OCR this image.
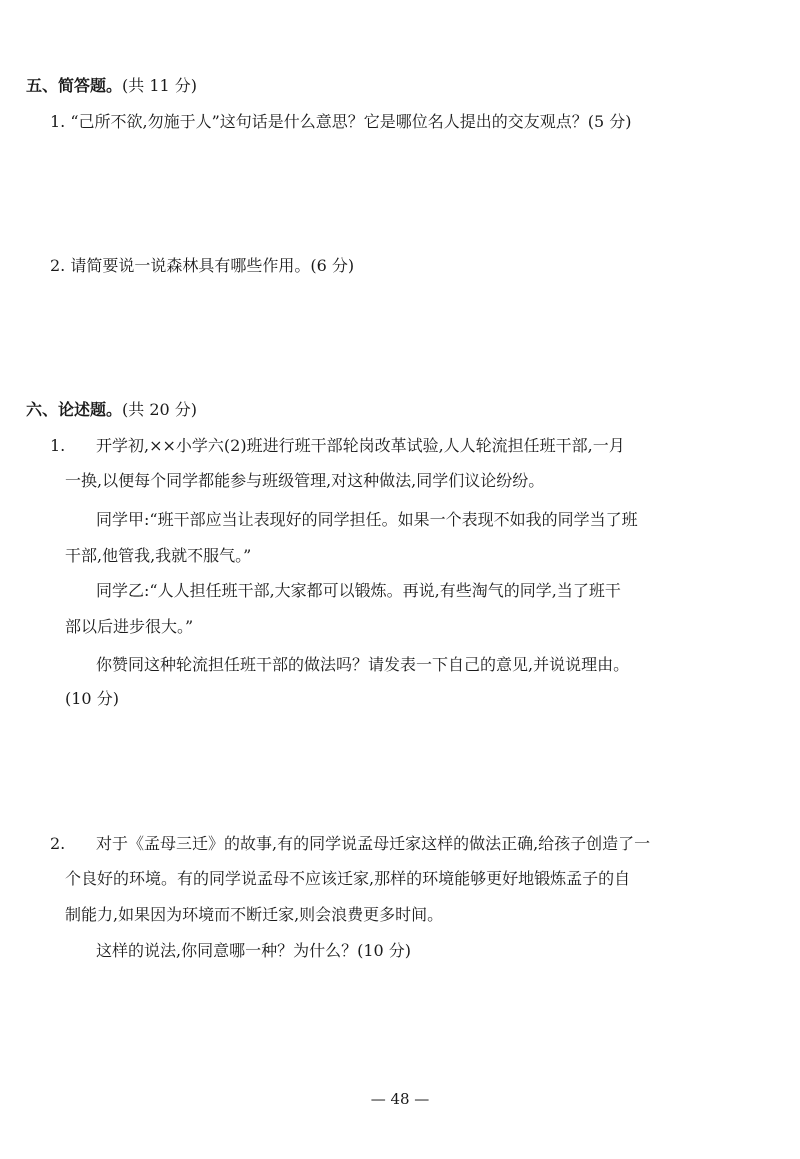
五、简答题。(共 11 分)
1. “己所不欲,勿施于人”这句话是什么意思？它是哪位名人提出的交友观点？(5 分)
2. 请简要说一说森林具有哪些作用。(6 分)
六、论述题。(共 20 分)
1. 开学初,××小学六(2)班进行班干部轮岗改革试验,人人轮流担任班干部,一月
一换,以便每个同学都能参与班级管理,对这种做法,同学们议论纷纷。
同学甲:“班干部应当让表现好的同学担任。如果一个表现不如我的同学当了班
干部,他管我,我就不服气。”
同学乙:“人人担任班干部,大家都可以锻炼。再说,有些淘气的同学,当了班干
部以后进步很大。”
你赞同这种轮流担任班干部的做法吗？请发表一下自己的意见,并说说理由。
(10 分)
2. 对于《孟母三迁》的故事,有的同学说孟母迁家这样的做法正确,给孩子创造了一
个良好的环境。有的同学说孟母不应该迁家,那样的环境能够更好地锻炼孟子的自
制能力,如果因为环境而不断迁家,则会浪费更多时间。
这样的说法,你同意哪一种？为什么？(10 分)
— 48 —
